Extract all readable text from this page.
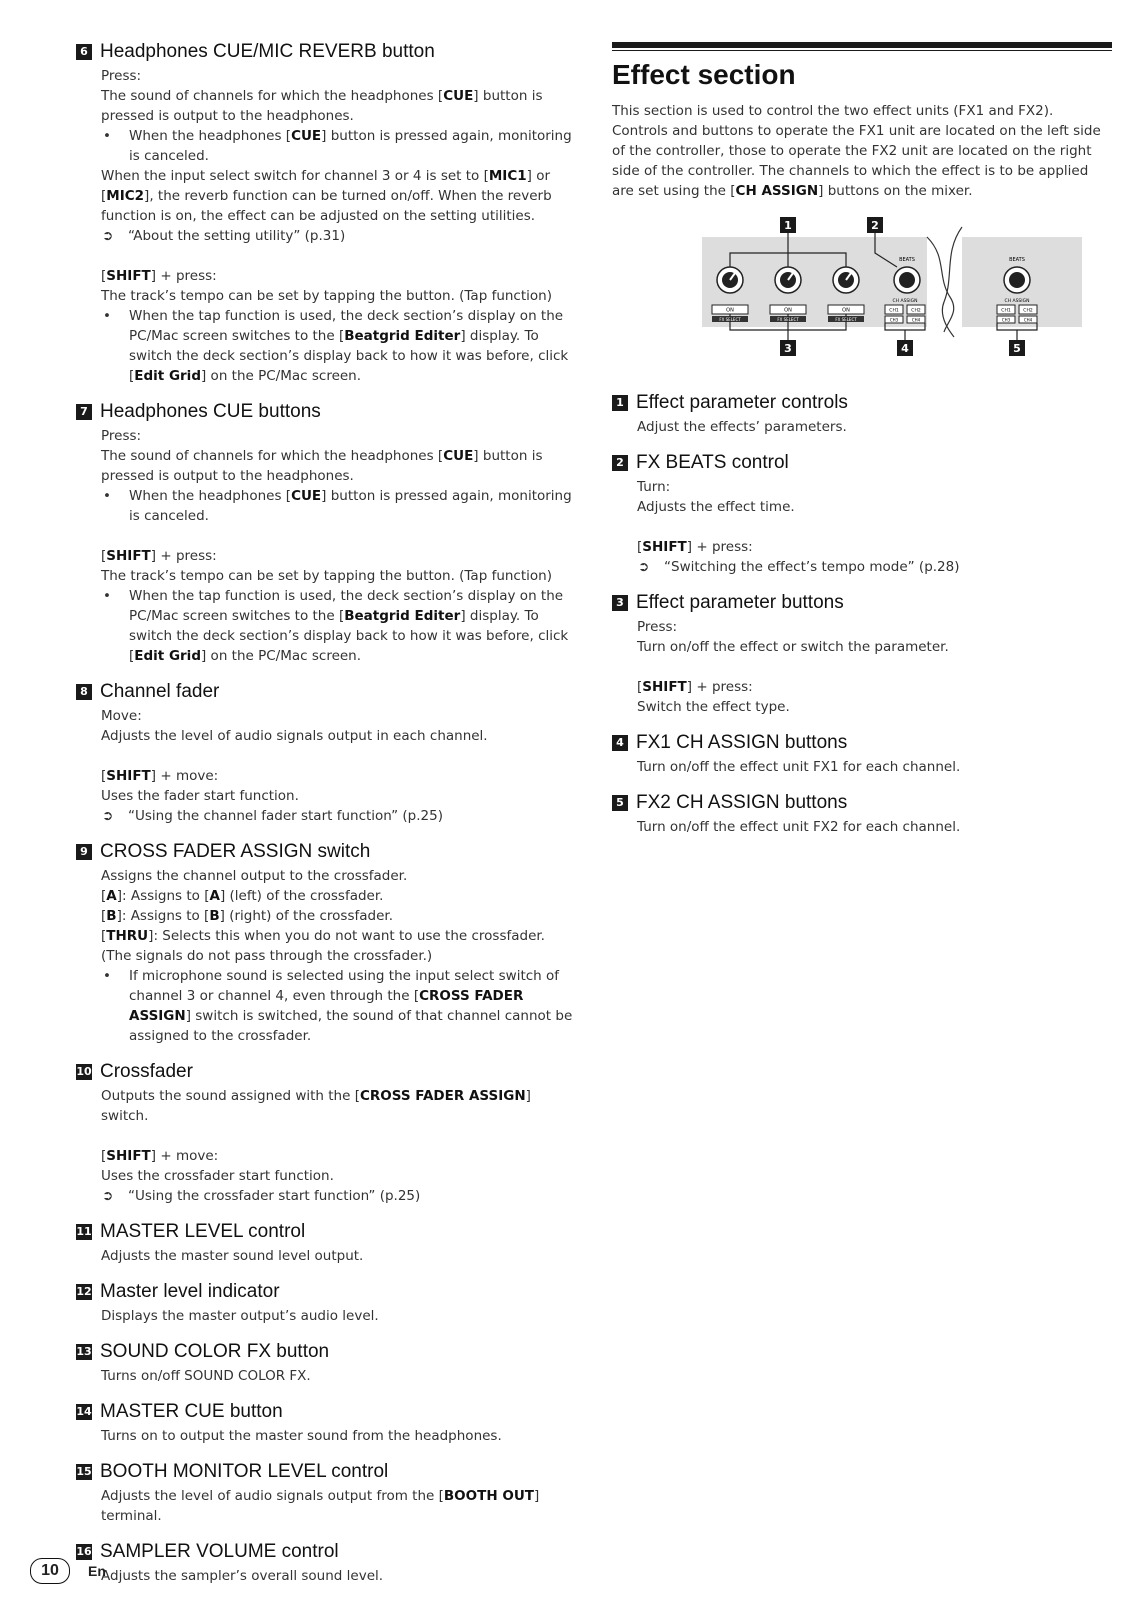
6 Headphones CUE/MIC REVERB button
Press:
The sound of channels for which the headphones [CUE] button is pressed is output to the headphones.
•	When the headphones [CUE] button is pressed again, monitoring is canceled.
When the input select switch for channel 3 or 4 is set to [MIC1] or [MIC2], the reverb function can be turned on/off. When the reverb function is on, the effect can be adjusted on the setting utilities.
➲	“About the setting utility” (p.31)
[SHIFT] + press:
The track’s tempo can be set by tapping the button. (Tap function)
•	When the tap function is used, the deck section’s display on the PC/Mac screen switches to the [Beatgrid Editer] display. To switch the deck section’s display back to how it was before, click [Edit Grid] on the PC/Mac screen.
7 Headphones CUE buttons
Press:
The sound of channels for which the headphones [CUE] button is pressed is output to the headphones.
•	When the headphones [CUE] button is pressed again, monitoring is canceled.
[SHIFT] + press:
The track’s tempo can be set by tapping the button. (Tap function)
•	When the tap function is used, the deck section’s display on the PC/Mac screen switches to the [Beatgrid Editer] display. To switch the deck section’s display back to how it was before, click [Edit Grid] on the PC/Mac screen.
8 Channel fader
Move:
Adjusts the level of audio signals output in each channel.
[SHIFT] + move:
Uses the fader start function.
➲	“Using the channel fader start function” (p.25)
9 CROSS FADER ASSIGN switch
Assigns the channel output to the crossfader.
[A]: Assigns to [A] (left) of the crossfader.
[B]: Assigns to [B] (right) of the crossfader.
[THRU]: Selects this when you do not want to use the crossfader. (The signals do not pass through the crossfader.)
•	If microphone sound is selected using the input select switch of channel 3 or channel 4, even through the [CROSS FADER ASSIGN] switch is switched, the sound of that channel cannot be assigned to the crossfader.
10 Crossfader
Outputs the sound assigned with the [CROSS FADER ASSIGN] switch.
[SHIFT] + move:
Uses the crossfader start function.
➲	“Using the crossfader start function” (p.25)
11 MASTER LEVEL control
Adjusts the master sound level output.
12 Master level indicator
Displays the master output’s audio level.
13 SOUND COLOR FX button
Turns on/off SOUND COLOR FX.
14 MASTER CUE button
Turns on to output the master sound from the headphones.
15 BOOTH MONITOR LEVEL control
Adjusts the level of audio signals output from the [BOOTH OUT] terminal.
16 SAMPLER VOLUME control
Adjusts the sampler’s overall sound level.
Effect section
This section is used to control the two effect units (FX1 and FX2). Controls and buttons to operate the FX1 unit are located on the left side of the controller, those to operate the FX2 unit are located on the right side of the controller. The channels to which the effect is to be applied are set using the [CH ASSIGN] buttons on the mixer.
1	2
3	4	5
ON	ON	ON
FX SELECT	FX SELECT	FX SELECT
BEATS	BEATS
CH ASSIGN	CH ASSIGN
CH1	CH2	CH1	CH2
CH3	CH4	CH3	CH4
1 Effect parameter controls
Adjust the effects’ parameters.
2 FX BEATS control
Turn:
Adjusts the effect time.
[SHIFT] + press:
➲	“Switching the effect’s tempo mode” (p.28)
3 Effect parameter buttons
Press:
Turn on/off the effect or switch the parameter.
[SHIFT] + press:
Switch the effect type.
4 FX1 CH ASSIGN buttons
Turn on/off the effect unit FX1 for each channel.
5 FX2 CH ASSIGN buttons
Turn on/off the effect unit FX2 for each channel.
10	En
